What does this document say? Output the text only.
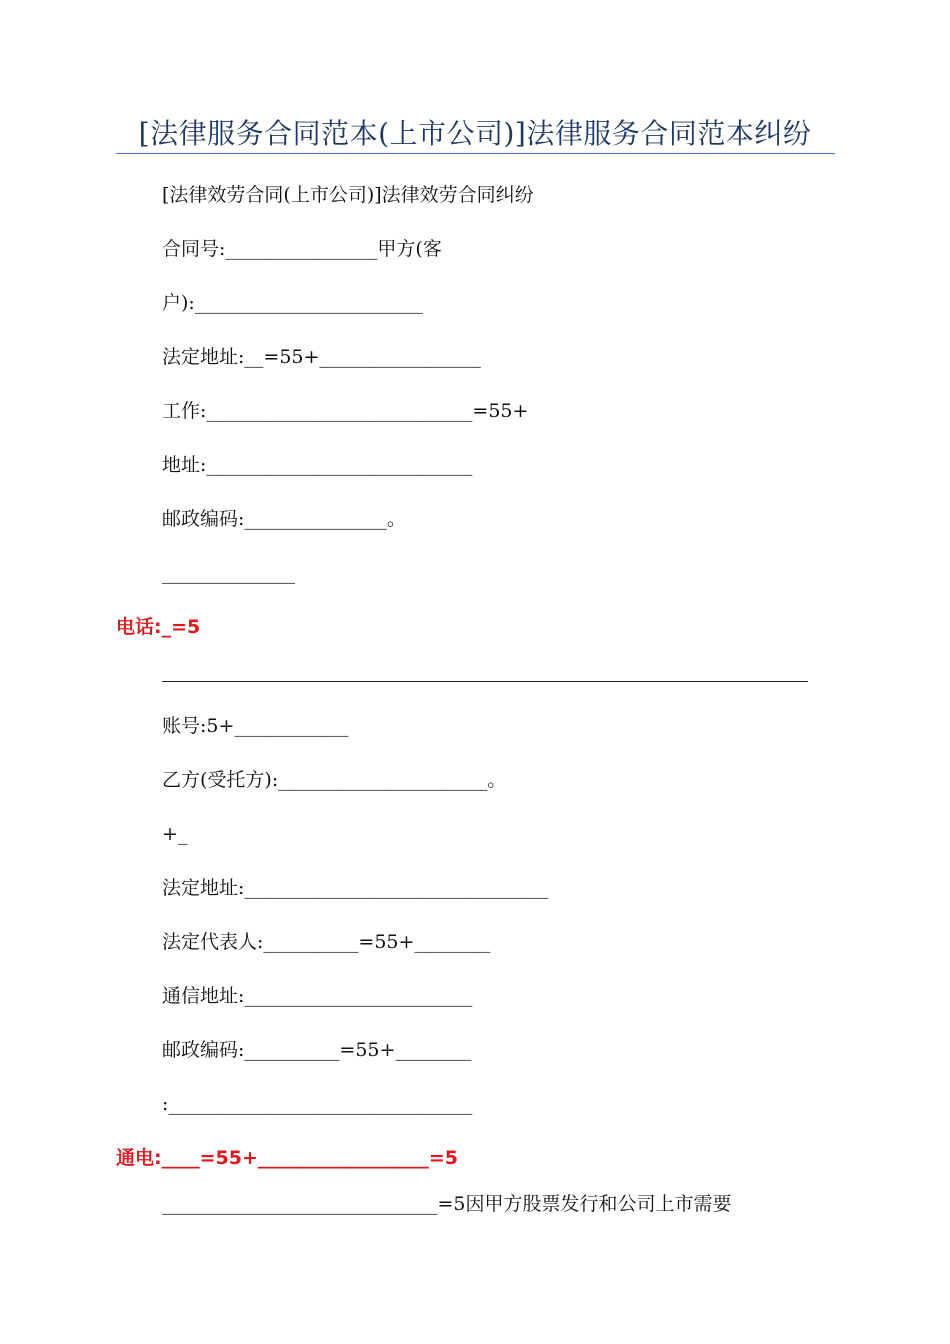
[法律服务合同范本(上市公司)]法律服务合同范本纠纷
[法律效劳合同(上市公司)]法律效劳合同纠纷
合同号:________________甲方(客
户):________________________
法定地址:__=55+_________________
工作:____________________________=55+
地址:____________________________
邮政编码:_______________。
______________
电话:_=5
账号:5+____________
乙方(受托方):______________________。
+_
法定地址:________________________________
法定代表人:__________=55+________
通信地址:________________________
邮政编码:__________=55+________
:________________________________
通电:____=55+__________________=5
_____________________________=5因甲方股票发行和公司上市需要
